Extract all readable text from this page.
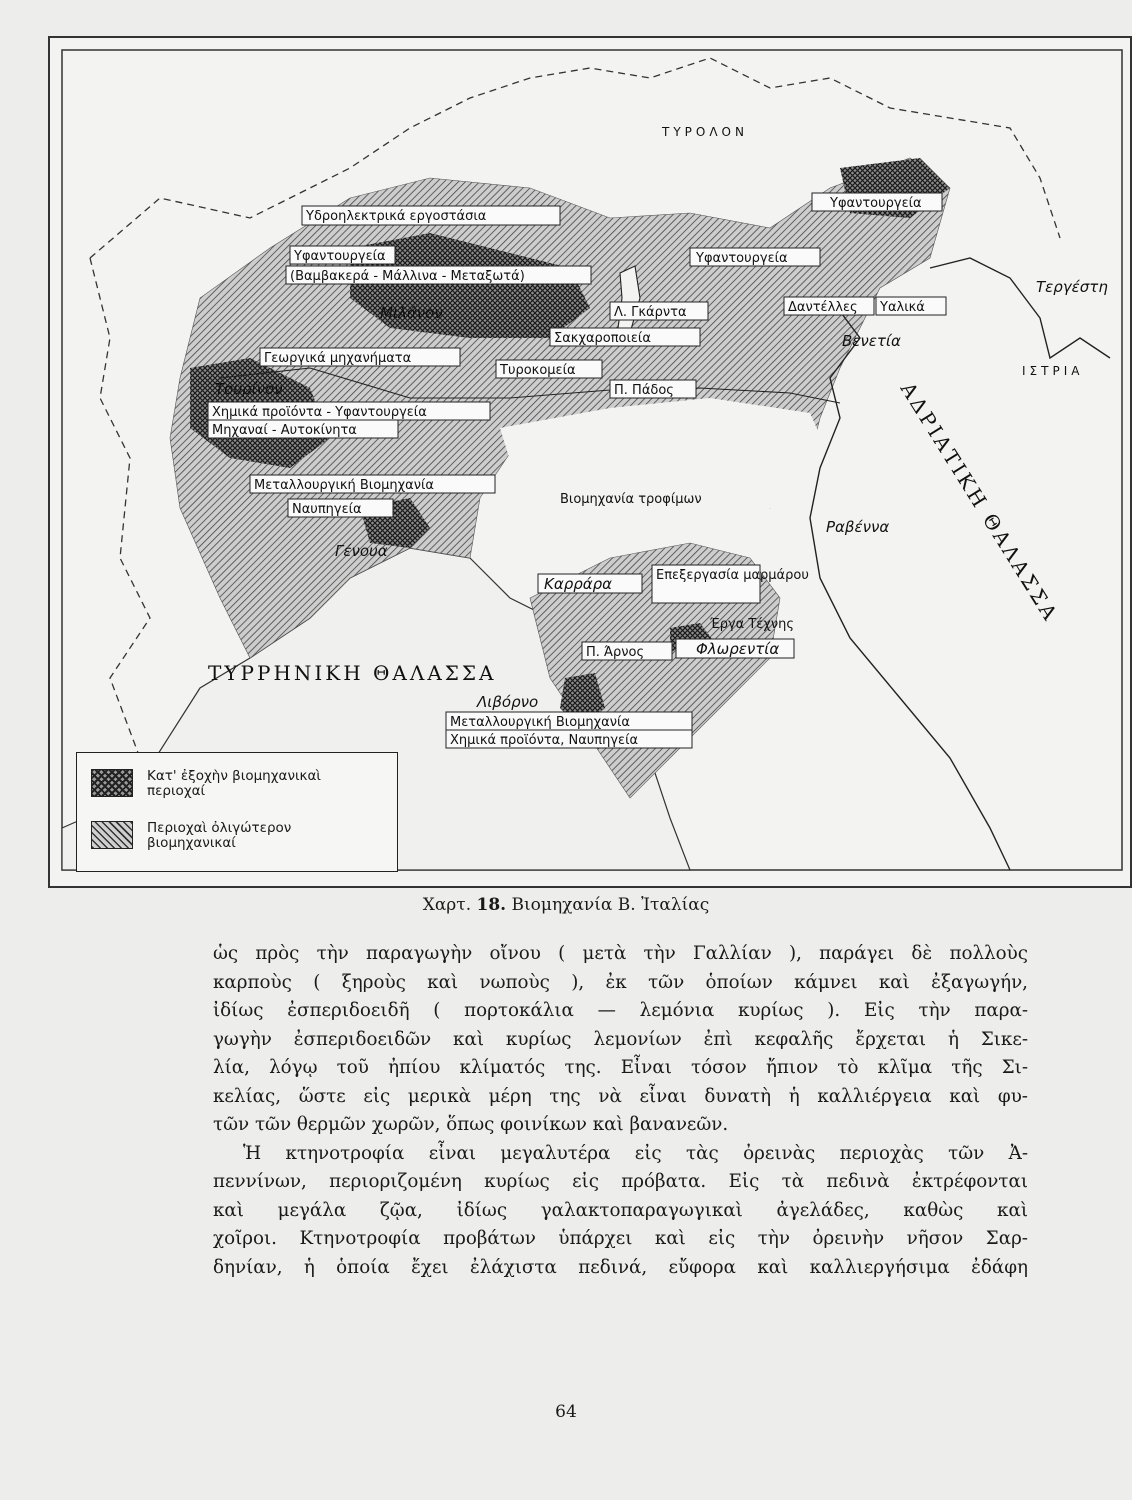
ΤΥΡΟΛΟΝ
ΙΣΤΡΙΑ
ΤΥΡΡΗΝΙΚΗ ΘΑΛΑΣΣΑ
ΑΔΡΙΑΤΙΚΗ ΘΑΛΑΣΣΑ
Υδροηλεκτρικά εργοστάσια
Υφαντουργεία
(Βαμβακερά - Μάλλινα - Μεταξωτά)
Μιλάνον
Γεωργικά μηχανήματα
Τουρίνον
Χημικά προϊόντα - Υφαντουργεία
Μηχαναί - Αυτοκίνητα
Μεταλλουργική Βιομηχανία
Ναυπηγεία
Γένουα
Υφαντουργεία
Υφαντουργεία
Λ. Γκάρντα
Σακχαροποιεία
Τυροκομεία
Π. Πάδος
Δαντέλλες Υαλικά
Βενετία
Τεργέστη
Βιομηχανία τροφίμων
Ραβέννα
Καρράρα	Επεξεργασία μαρμάρου
Έργα Τέχνης
Π. Άρνος	Φλωρεντία
Λιβόρνο
Μεταλλουργική Βιομηχανία
Χημικά προϊόντα, Ναυπηγεία
Κατ' ἐξοχὴν βιομηχανικαὶ περιοχαί
Περιοχαὶ ὀλιγώτερον βιομηχανικαί
Χαρτ. 18. Βιομηχανία Β. Ἰταλίας
ὡς πρὸς τὴν παραγωγὴν οἴνου ( μετὰ τὴν Γαλλίαν ), παράγει δὲ πολλοὺς
καρποὺς ( ξηροὺς καὶ νωποὺς ), ἐκ τῶν ὁποίων κάμνει καὶ ἐξαγωγήν,
ἰδίως ἐσπεριδοειδῆ ( πορτοκάλια — λεμόνια κυρίως ). Εἰς τὴν παρα-
γωγὴν ἐσπεριδοειδῶν καὶ κυρίως λεμονίων ἐπὶ κεφαλῆς ἔρχεται ἡ Σικε-
λία, λόγῳ τοῦ ἠπίου κλίματός της. Εἶναι τόσον ἤπιον τὸ κλῖμα τῆς Σι-
κελίας, ὥστε εἰς μερικὰ μέρη της νὰ εἶναι δυνατὴ ἡ καλλιέργεια καὶ φυ-
τῶν τῶν θερμῶν χωρῶν, ὅπως φοινίκων καὶ βανανεῶν.
Ἡ κτηνοτροφία εἶναι μεγαλυτέρα εἰς τὰς ὀρεινὰς περιοχὰς τῶν Ἀ-
πεννίνων, περιοριζομένη κυρίως εἰς πρόβατα. Εἰς τὰ πεδινὰ ἐκτρέφονται
καὶ μεγάλα ζῷα, ἰδίως γαλακτοπαραγωγικαὶ ἀγελάδες, καθὼς καὶ
χοῖροι. Κτηνοτροφία προβάτων ὑπάρχει καὶ εἰς τὴν ὀρεινὴν νῆσον Σαρ-
δηνίαν, ἡ ὁποία ἔχει ἐλάχιστα πεδινά, εὔφορα καὶ καλλιεργήσιμα ἐδάφη
64
